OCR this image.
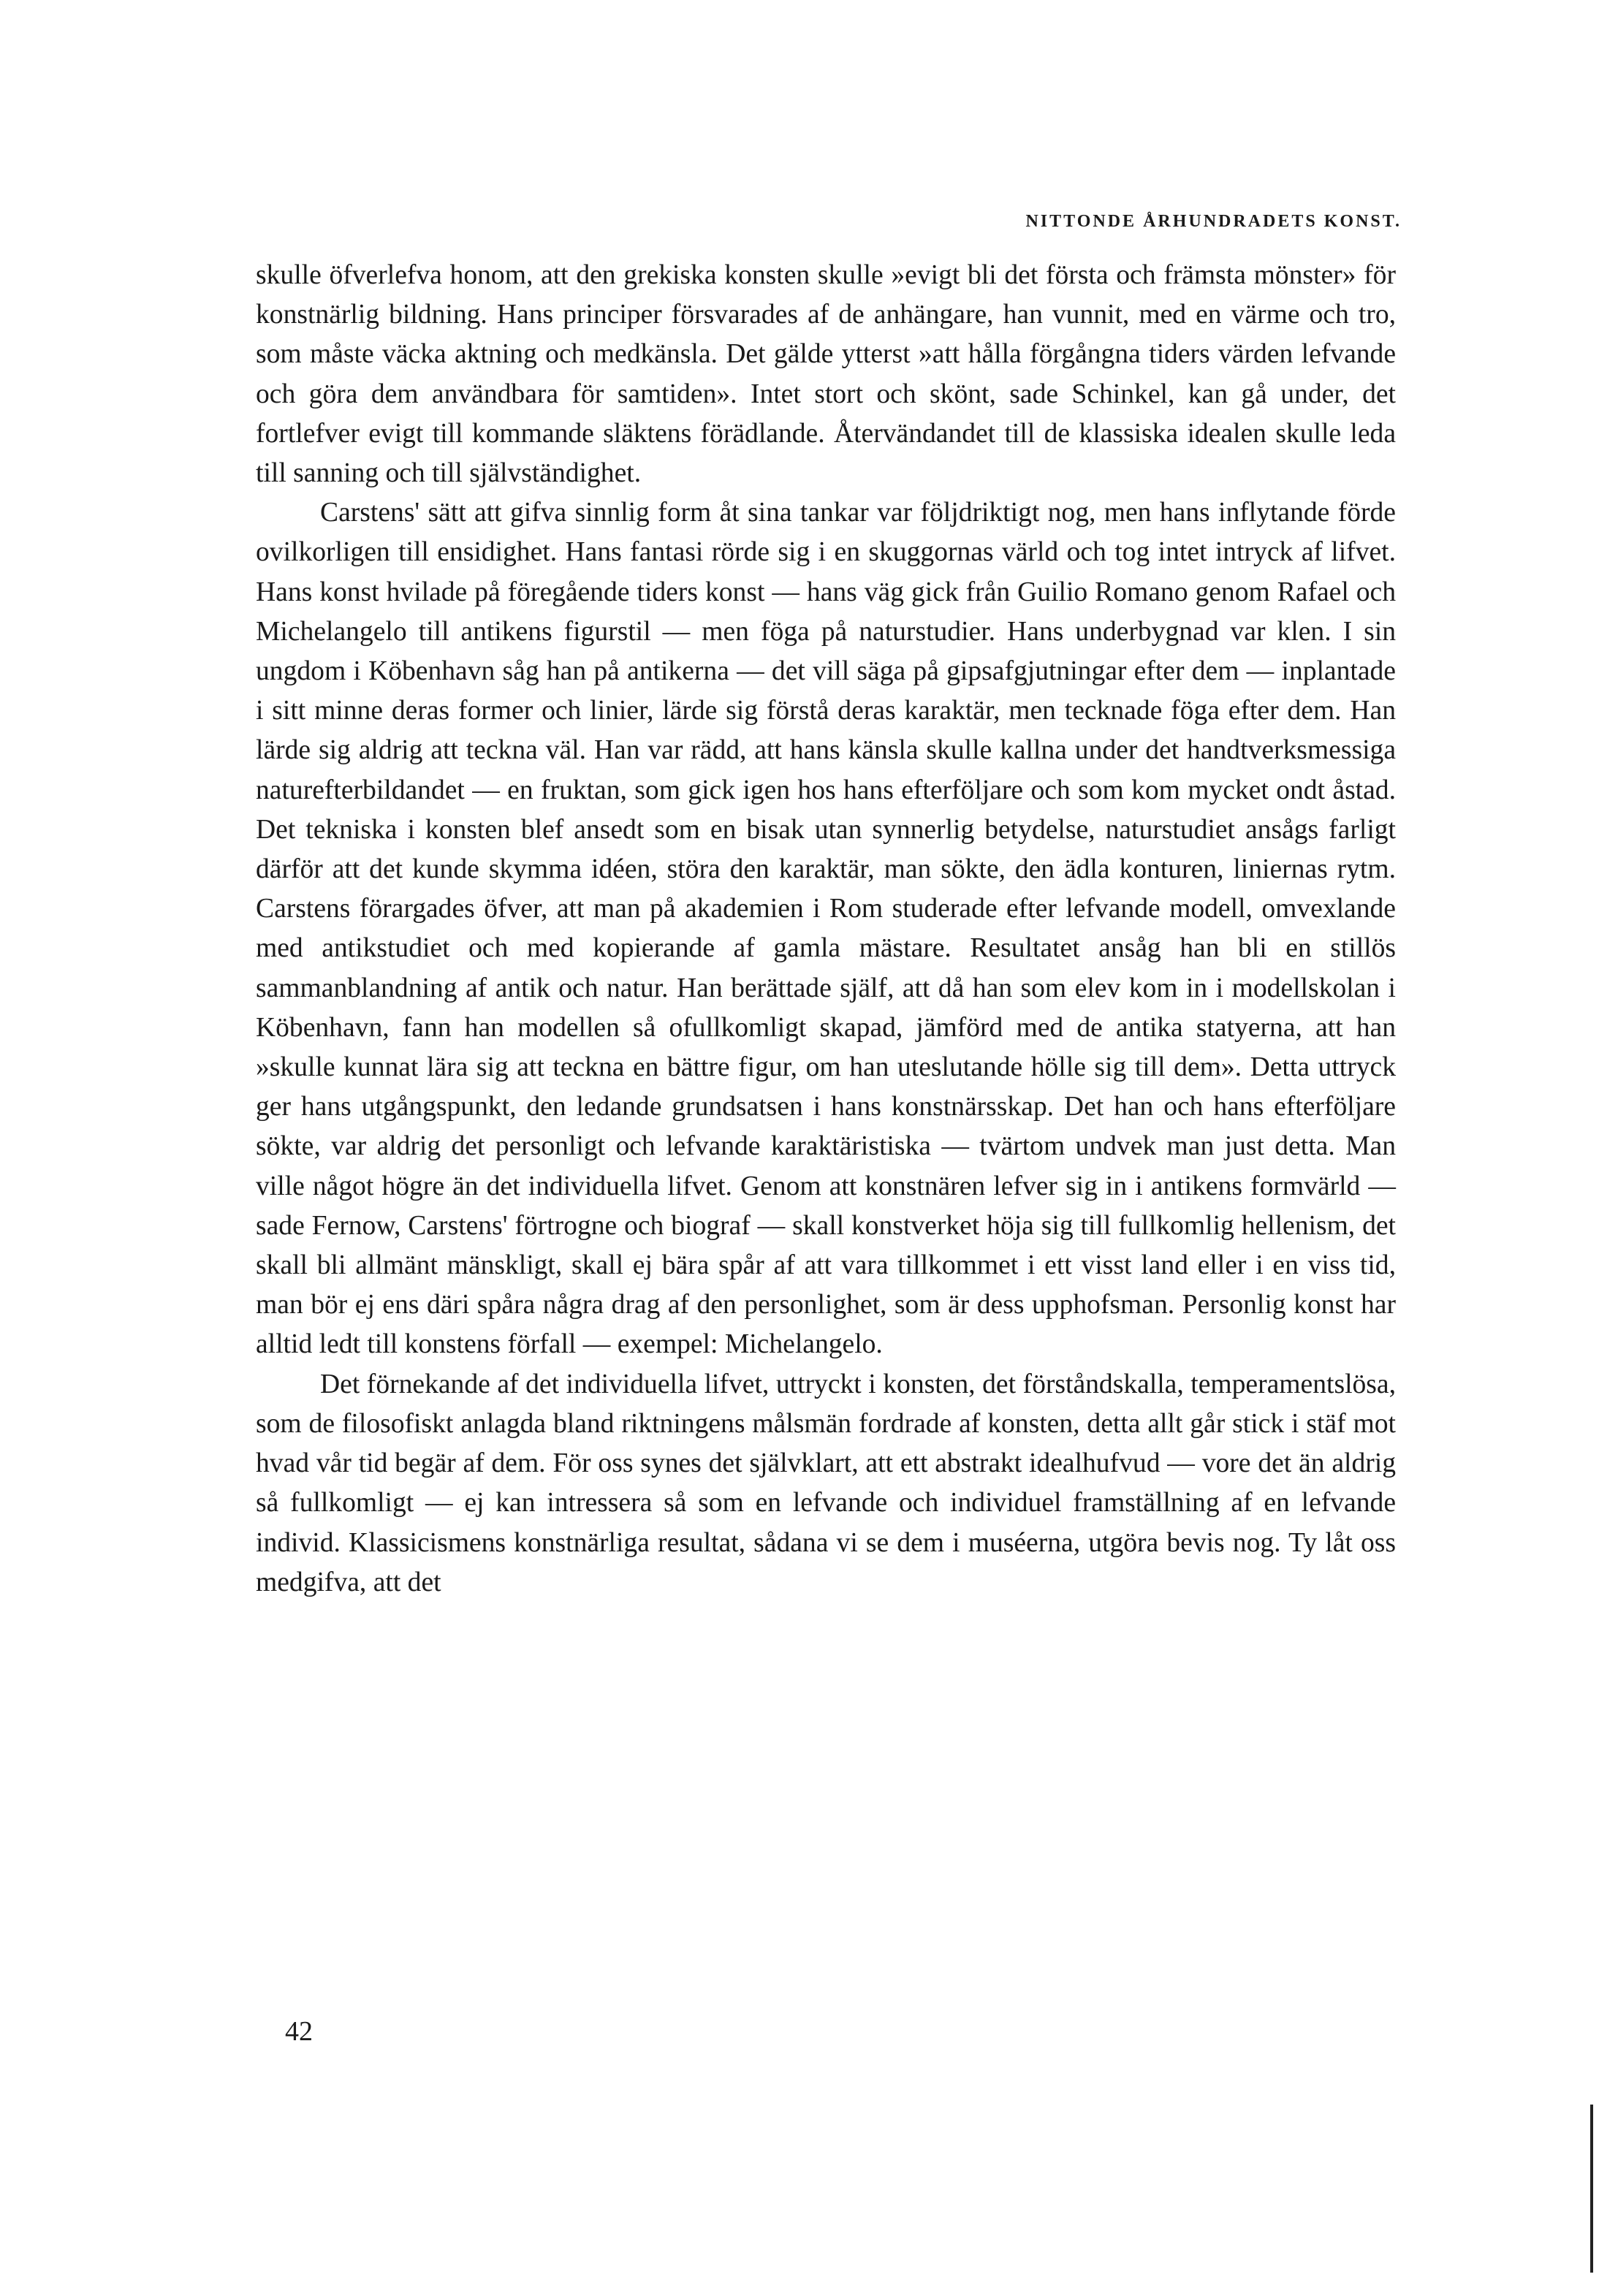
NITTONDE ÅRHUNDRADETS KONST.

skulle öfverlefva honom, att den grekiska konsten skulle »evigt bli det första och främsta mönster» för konstnärlig bildning. Hans principer försvarades af de anhängare, han vunnit, med en värme och tro, som måste väcka aktning och medkänsla. Det gälde ytterst »att hålla förgångna tiders värden lefvande och göra dem användbara för samtiden». Intet stort och skönt, sade Schinkel, kan gå under, det fortlefver evigt till kommande släktens förädlande. Återvändandet till de klassiska idealen skulle leda till sanning och till självständighet.

Carstens' sätt att gifva sinnlig form åt sina tankar var följdriktigt nog, men hans inflytande förde ovilkorligen till ensidighet. Hans fantasi rörde sig i en skuggornas värld och tog intet intryck af lifvet. Hans konst hvilade på föregående tiders konst — hans väg gick från Guilio Romano genom Rafael och Michelangelo till antikens figurstil — men föga på naturstudier. Hans underbygnad var klen. I sin ungdom i Köbenhavn såg han på antikerna — det vill säga på gipsafgjutningar efter dem — inplantade i sitt minne deras former och linier, lärde sig förstå deras karaktär, men tecknade föga efter dem. Han lärde sig aldrig att teckna väl. Han var rädd, att hans känsla skulle kallna under det handtverksmessiga naturefterbildandet — en fruktan, som gick igen hos hans efterföljare och som kom mycket ondt åstad. Det tekniska i konsten blef ansedt som en bisak utan synnerlig betydelse, naturstudiet ansågs farligt därför att det kunde skymma idéen, störa den karaktär, man sökte, den ädla konturen, liniernas rytm. Carstens förargades öfver, att man på akademien i Rom studerade efter lefvande modell, omvexlande med antikstudiet och med kopierande af gamla mästare. Resultatet ansåg han bli en stillös sammanblandning af antik och natur. Han berättade själf, att då han som elev kom in i modellskolan i Köbenhavn, fann han modellen så ofullkomligt skapad, jämförd med de antika statyerna, att han »skulle kunnat lära sig att teckna en bättre figur, om han uteslutande hölle sig till dem». Detta uttryck ger hans utgångspunkt, den ledande grundsatsen i hans konstnärsskap. Det han och hans efterföljare sökte, var aldrig det personligt och lefvande karaktäristiska — tvärtom undvek man just detta. Man ville något högre än det individuella lifvet. Genom att konstnären lefver sig in i antikens formvärld — sade Fernow, Carstens' förtrogne och biograf — skall konstverket höja sig till fullkomlig hellenism, det skall bli allmänt mänskligt, skall ej bära spår af att vara tillkommet i ett visst land eller i en viss tid, man bör ej ens däri spåra några drag af den personlighet, som är dess upphofsman. Personlig konst har alltid ledt till konstens förfall — exempel: Michelangelo.

Det förnekande af det individuella lifvet, uttryckt i konsten, det förståndskalla, temperamentslösa, som de filosofiskt anlagda bland riktningens målsmän fordrade af konsten, detta allt går stick i stäf mot hvad vår tid begär af dem. För oss synes det självklart, att ett abstrakt idealhufvud — vore det än aldrig så fullkomligt — ej kan intressera så som en lefvande och individuel framställning af en lefvande individ. Klassicismens konstnärliga resultat, sådana vi se dem i muséerna, utgöra bevis nog. Ty låt oss medgifva, att det

42
